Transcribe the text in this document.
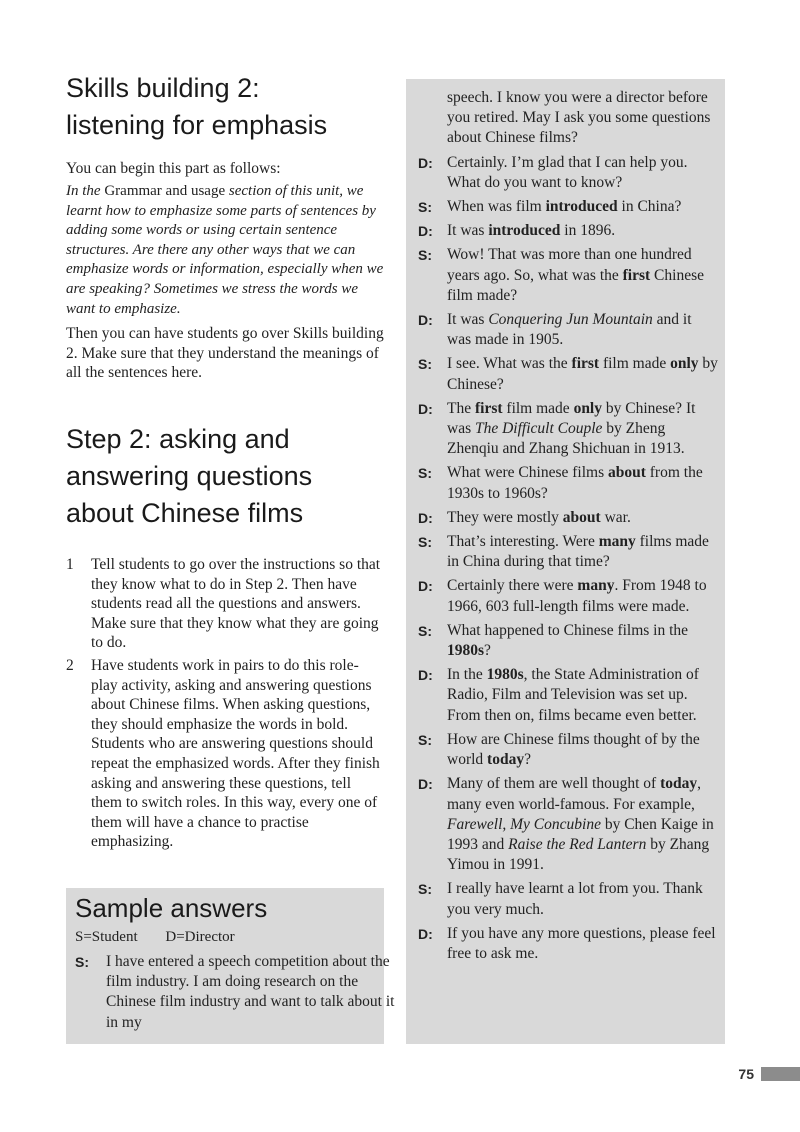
Skills building 2:
listening for emphasis

You can begin this part as follows:

In the Grammar and usage section of this unit, we learnt how to emphasize some parts of sentences by adding some words or using certain sentence structures. Are there any other ways that we can emphasize words or information, especially when we are speaking? Sometimes we stress the words we want to emphasize.

Then you can have students go over Skills building 2. Make sure that they understand the meanings of all the sentences here.

Step 2: asking and
answering questions
about Chinese films
1 Tell students to go over the instructions so that they know what to do in Step 2. Then have students read all the questions and answers. Make sure that they know what they are going to do.
2 Have students work in pairs to do this role-play activity, asking and answering questions about Chinese films. When asking questions, they should emphasize the words in bold. Students who are answering questions should repeat the emphasized words. After they finish asking and answering these questions, tell them to switch roles. In this way, every one of them will have a chance to practise emphasizing.
Sample answers
S=Student D=Director
S: I have entered a speech competition about the film industry. I am doing research on the Chinese film industry and want to talk about it in my
speech. I know you were a director before you retired. May I ask you some questions about Chinese films?
D: Certainly. I’m glad that I can help you. What do you want to know?
S: When was film introduced in China?
D: It was introduced in 1896.
S: Wow! That was more than one hundred years ago. So, what was the first Chinese film made?
D: It was Conquering Jun Mountain and it was made in 1905.
S: I see. What was the first film made only by Chinese?
D: The first film made only by Chinese? It was The Difficult Couple by Zheng Zhenqiu and Zhang Shichuan in 1913.
S: What were Chinese films about from the 1930s to 1960s?
D: They were mostly about war.
S: That’s interesting. Were many films made in China during that time?
D: Certainly there were many. From 1948 to 1966, 603 full-length films were made.
S: What happened to Chinese films in the 1980s?
D: In the 1980s, the State Administration of Radio, Film and Television was set up. From then on, films became even better.
S: How are Chinese films thought of by the world today?
D: Many of them are well thought of today, many even world-famous. For example, Farewell, My Concubine by Chen Kaige in 1993 and Raise the Red Lantern by Zhang Yimou in 1991.
S: I really have learnt a lot from you. Thank you very much.
D: If you have any more questions, please feel free to ask me.
75
